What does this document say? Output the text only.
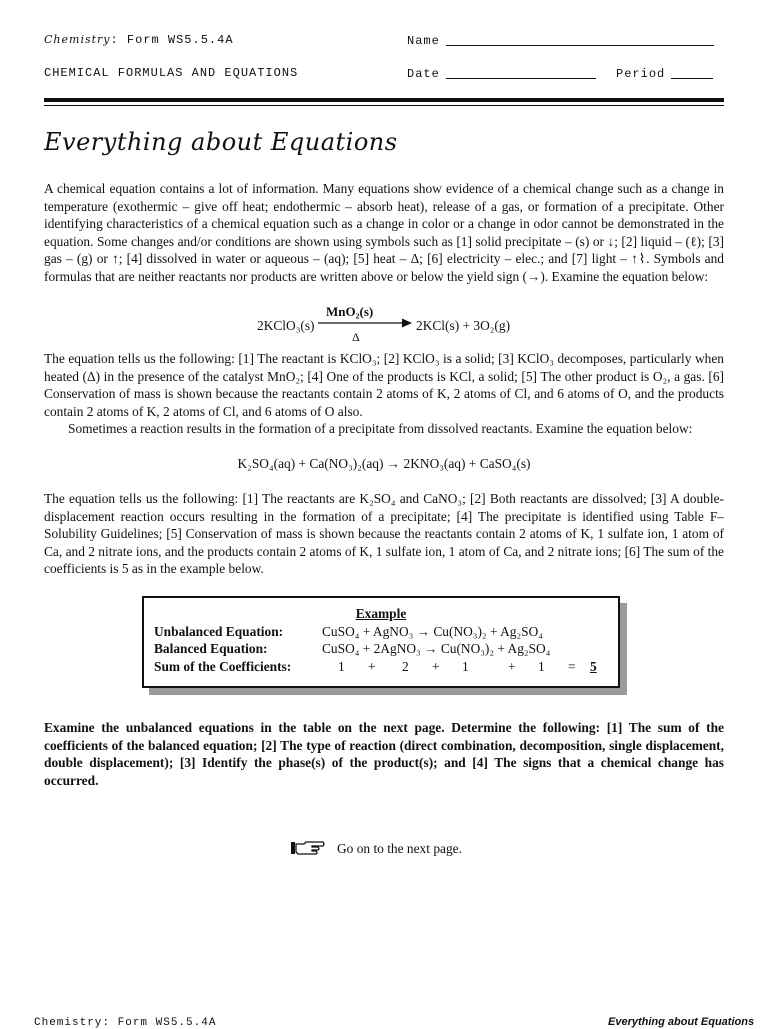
Chemistry: Form WS5.5.4A	Name
CHEMICAL FORMULAS AND EQUATIONS	Date	Period
Everything about Equations
A chemical equation contains a lot of information. Many equations show evidence of a chemical change such as a change in temperature (exothermic – give off heat; endothermic – absorb heat), release of a gas, or formation of a precipitate. Other identifying characteristics of a chemical equation such as a change in color or a change in odor cannot be demonstrated in the equation. Some changes and/or conditions are shown using symbols such as [1] solid precipitate – (s) or ↓; [2] liquid – (ℓ); [3] gas – (g) or ↑; [4] dissolved in water or aqueous – (aq); [5] heat – Δ; [6] electricity – elec.; and [7] light – ↑⌇. Symbols and formulas that are neither reactants nor products are written above or below the yield sign (→). Examine the equation below:
2KClO₃(s)
MnO₂(s)
Δ
2KCl(s) + 3O₂(g)
The equation tells us the following: [1] The reactant is KClO₃; [2] KClO₃ is a solid; [3] KClO₃ decomposes, particularly when heated (Δ) in the presence of the catalyst MnO₂; [4] One of the products is KCl, a solid; [5] The other product is O₂, a gas. [6] Conservation of mass is shown because the reactants contain 2 atoms of K, 2 atoms of Cl, and 6 atoms of O, and the products contain 2 atoms of K, 2 atoms of Cl, and 6 atoms of O also.
Sometimes a reaction results in the formation of a precipitate from dissolved reactants. Examine the equation below:
K₂SO₄(aq) + Ca(NO₃)₂(aq) → 2KNO₃(aq) + CaSO₄(s)
The equation tells us the following: [1] The reactants are K₂SO₄ and CaNO₃; [2] Both reactants are dissolved; [3] A double-displacement reaction occurs resulting in the formation of a precipitate; [4] The precipitate is identified using Table F–Solubility Guidelines; [5] Conservation of mass is shown because the reactants contain 2 atoms of K, 1 sulfate ion, 1 atom of Ca, and 2 nitrate ions, and the products contain 2 atoms of K, 1 sulfate ion, 1 atom of Ca, and 2 nitrate ions; [6] The sum of the coefficients is 5 as in the example below.
Example
Unbalanced Equation:	CuSO₄ + AgNO₃ → Cu(NO₃)₂ + Ag₂SO₄
Balanced Equation:	CuSO₄ + 2AgNO₃ → Cu(NO₃)₂ + Ag₂SO₄
Sum of the Coefficients:	1 + 2 + 1	+ 1 = 5
Examine the unbalanced equations in the table on the next page. Determine the following: [1] The sum of the coefficients of the balanced equation; [2] The type of reaction (direct combination, decomposition, single displacement, double displacement); [3] Identify the phase(s) of the product(s); and [4] The signs that a chemical change has occurred.
Go on to the next page.
Chemistry: Form WS5.5.4A	Everything about Equations
